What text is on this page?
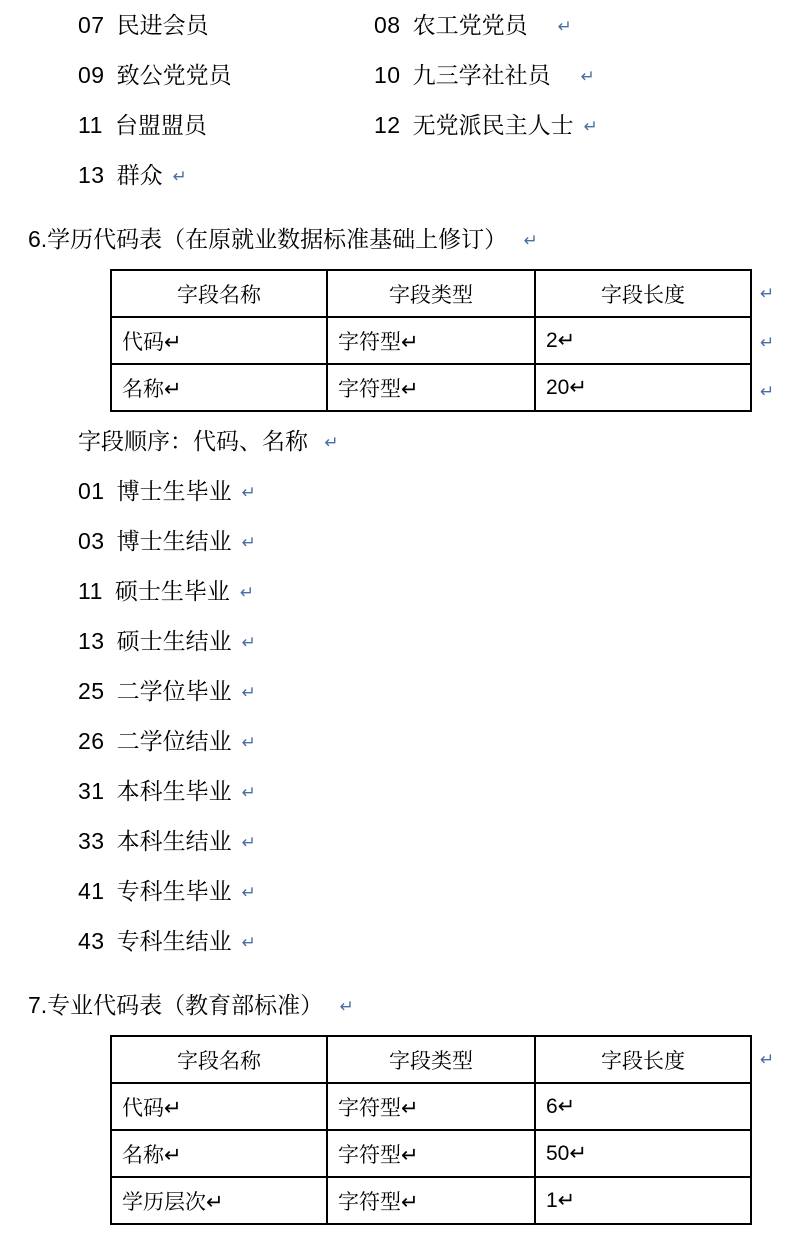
07 民进会员	08 农工党党员 ↵
09 致公党党员	10 九三学社社员 ↵
11 台盟盟员	12 无党派民主人士 ↵
13 群众 ↵
6.学历代码表（在原就业数据标准基础上修订） ↵
字段名称	字段类型	字段长度
代码↵	字符型↵	2↵
名称↵	字符型↵	20↵
↵
↵
↵
字段顺序：代码、名称 ↵
01 博士生毕业 ↵
03 博士生结业 ↵
11 硕士生毕业 ↵
13 硕士生结业 ↵
25 二学位毕业 ↵
26 二学位结业 ↵
31 本科生毕业 ↵
33 本科生结业 ↵
41 专科生毕业 ↵
43 专科生结业 ↵
7.专业代码表（教育部标准） ↵
字段名称	字段类型	字段长度
代码↵	字符型↵	6↵
名称↵	字符型↵	50↵
学历层次↵	字符型↵	1↵
↵
